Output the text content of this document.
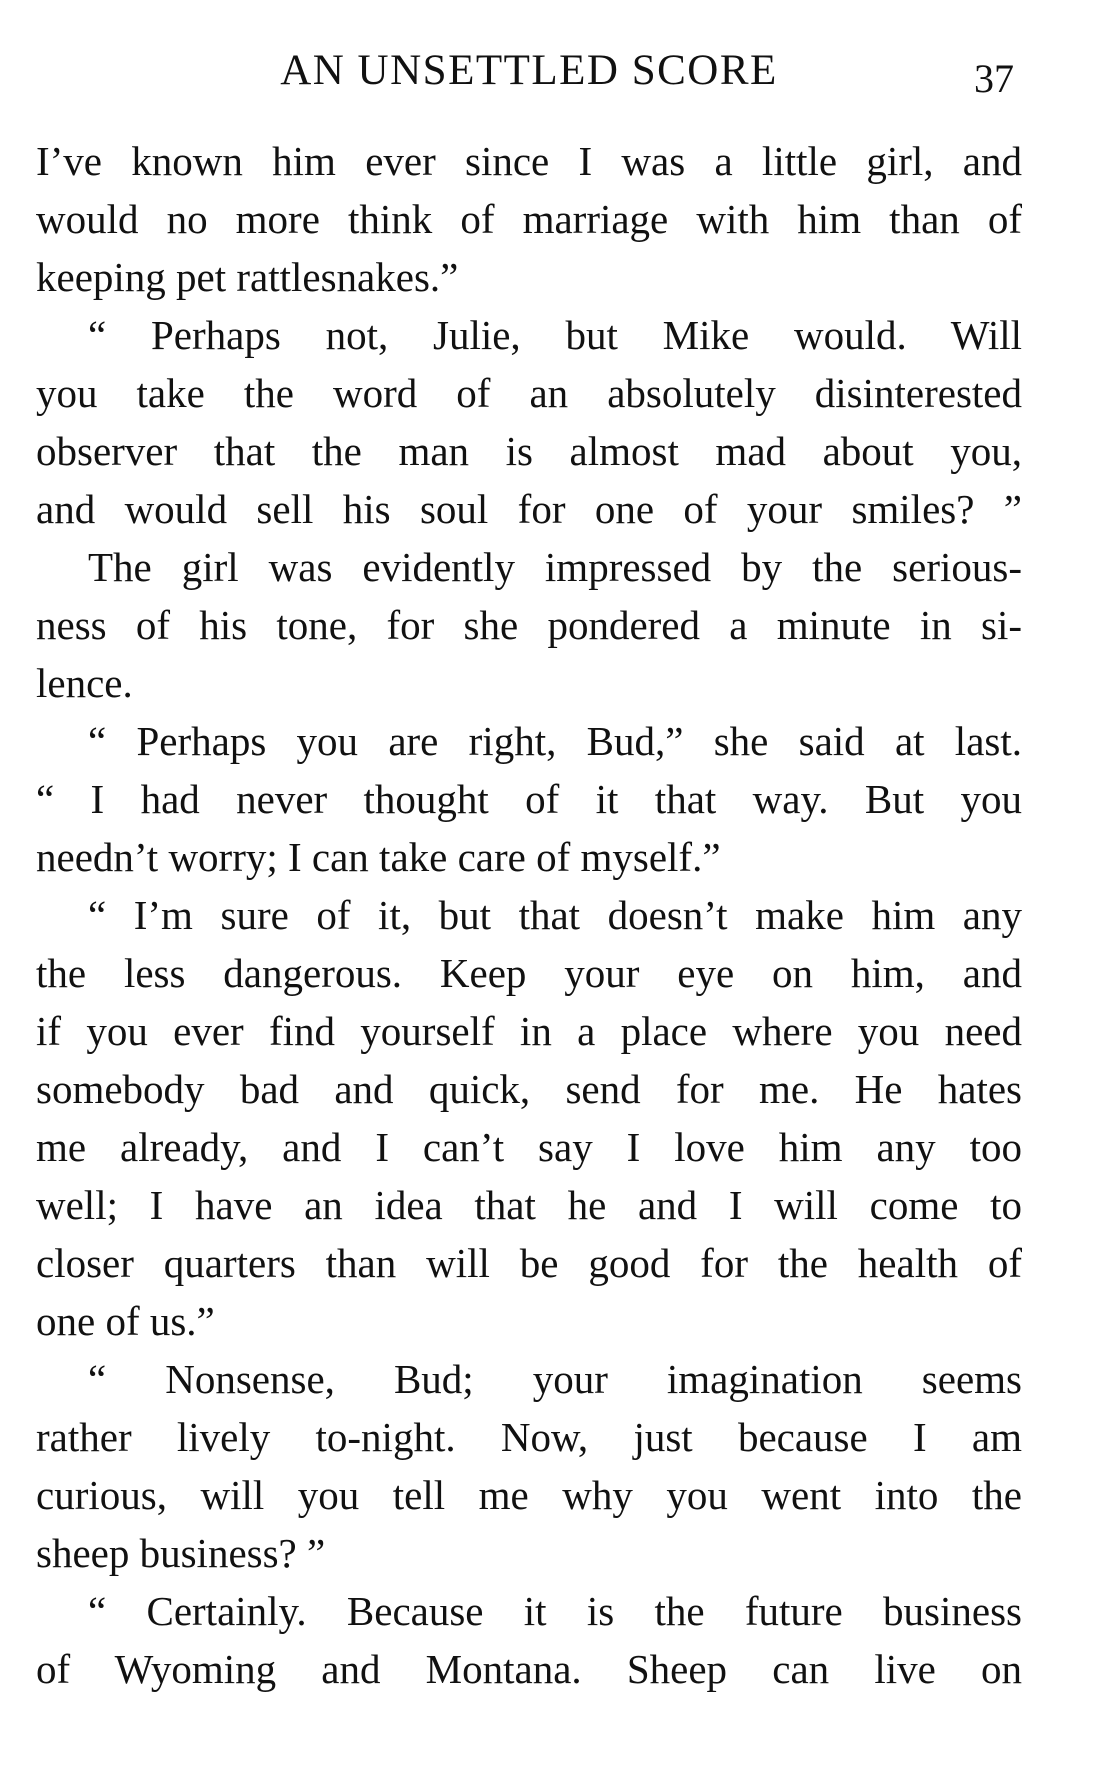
AN UNSETTLED SCORE	37
I’ve known him ever since I was a little girl, and
would no more think of marriage with him than of
keeping pet rattlesnakes.”
“ Perhaps not, Julie, but Mike would. Will
you take the word of an absolutely disinterested
observer that the man is almost mad about you,
and would sell his soul for one of your smiles? ”
The girl was evidently impressed by the serious-
ness of his tone, for she pondered a minute in si-
lence.
“ Perhaps you are right, Bud,” she said at last.
“ I had never thought of it that way. But you
needn’t worry; I can take care of myself.”
“ I’m sure of it, but that doesn’t make him any
the less dangerous. Keep your eye on him, and
if you ever find yourself in a place where you need
somebody bad and quick, send for me. He hates
me already, and I can’t say I love him any too
well; I have an idea that he and I will come to
closer quarters than will be good for the health of
one of us.”
“ Nonsense, Bud; your imagination seems
rather lively to-night. Now, just because I am
curious, will you tell me why you went into the
sheep business? ”
“ Certainly. Because it is the future business
of Wyoming and Montana. Sheep can live on
